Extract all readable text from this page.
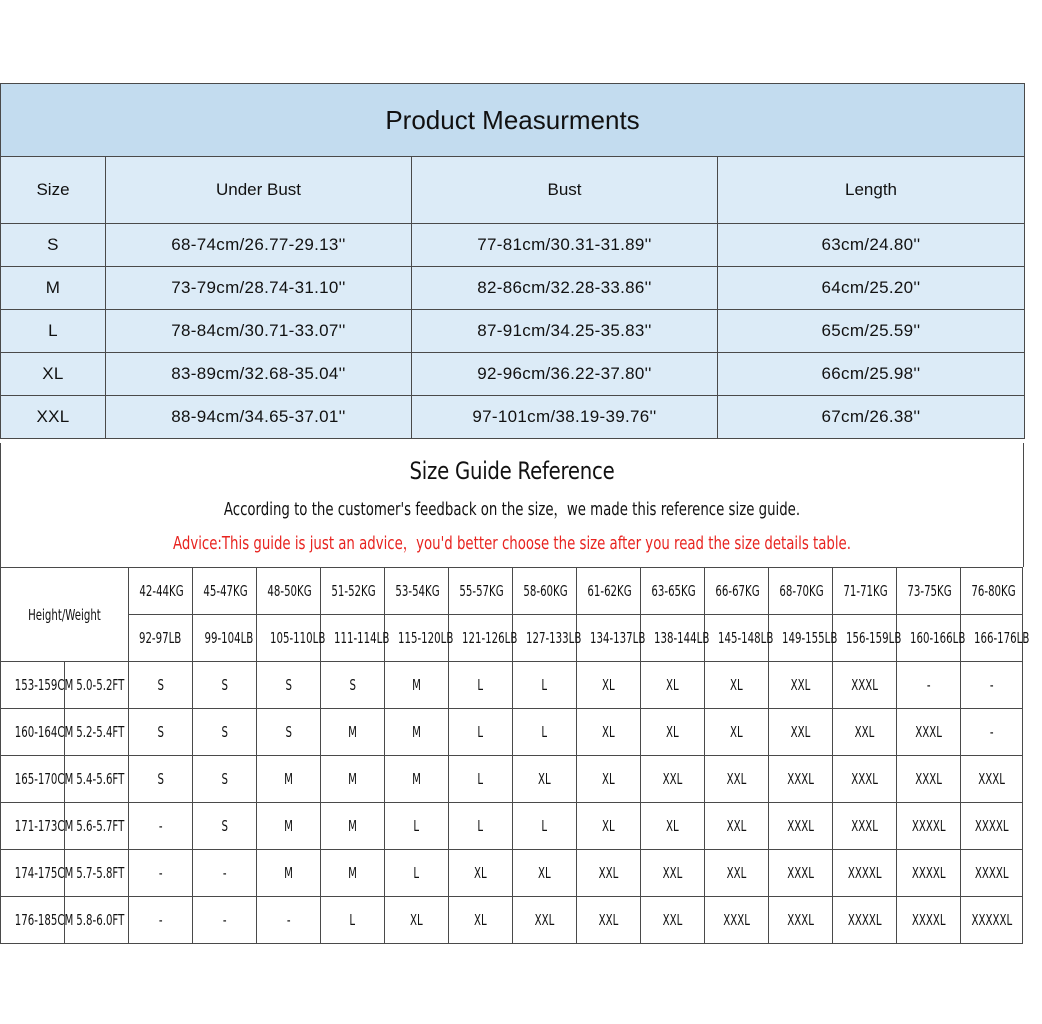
Product Measurments			
Size	Under Bust	Bust	Length
S	68-74cm/26.77-29.13''	77-81cm/30.31-31.89''	63cm/24.80''
M	73-79cm/28.74-31.10''	82-86cm/32.28-33.86''	64cm/25.20''
L	78-84cm/30.71-33.07''	87-91cm/34.25-35.83''	65cm/25.59''
XL	83-89cm/32.68-35.04''	92-96cm/36.22-37.80''	66cm/25.98''
XXL	88-94cm/34.65-37.01''	97-101cm/38.19-39.76''	67cm/26.38''
Size Guide Reference
According to the customer's feedback on the size，we made this reference size guide.
Advice:This guide is just an advice，you'd better choose the size after you read the size details table.
Height/Weight		42-44KG	45-47KG	48-50KG	51-52KG	53-54KG	55-57KG	58-60KG	61-62KG	63-65KG	66-67KG	68-70KG	71-71KG	73-75KG	76-80KG
		92-97LB	99-104LB	105-110LB	111-114LB	115-120LB	121-126LB	127-133LB	134-137LB	138-144LB	145-148LB	149-155LB	156-159LB	160-166LB	166-176LB
153-159CM	5.0-5.2FT	S	S	S	S	M	L	L	XL	XL	XL	XXL	XXXL	-	-
160-164CM	5.2-5.4FT	S	S	S	M	M	L	L	XL	XL	XL	XXL	XXL	XXXL	-
165-170CM	5.4-5.6FT	S	S	M	M	M	L	XL	XL	XXL	XXL	XXXL	XXXL	XXXL	XXXL
171-173CM	5.6-5.7FT	-	S	M	M	L	L	L	XL	XL	XXL	XXXL	XXXL	XXXXL	XXXXL
174-175CM	5.7-5.8FT	-	-	M	M	L	XL	XL	XXL	XXL	XXL	XXXL	XXXXL	XXXXL	XXXXL
176-185CM	5.8-6.0FT	-	-	-	L	XL	XL	XXL	XXL	XXL	XXXL	XXXL	XXXXL	XXXXL	XXXXXL
